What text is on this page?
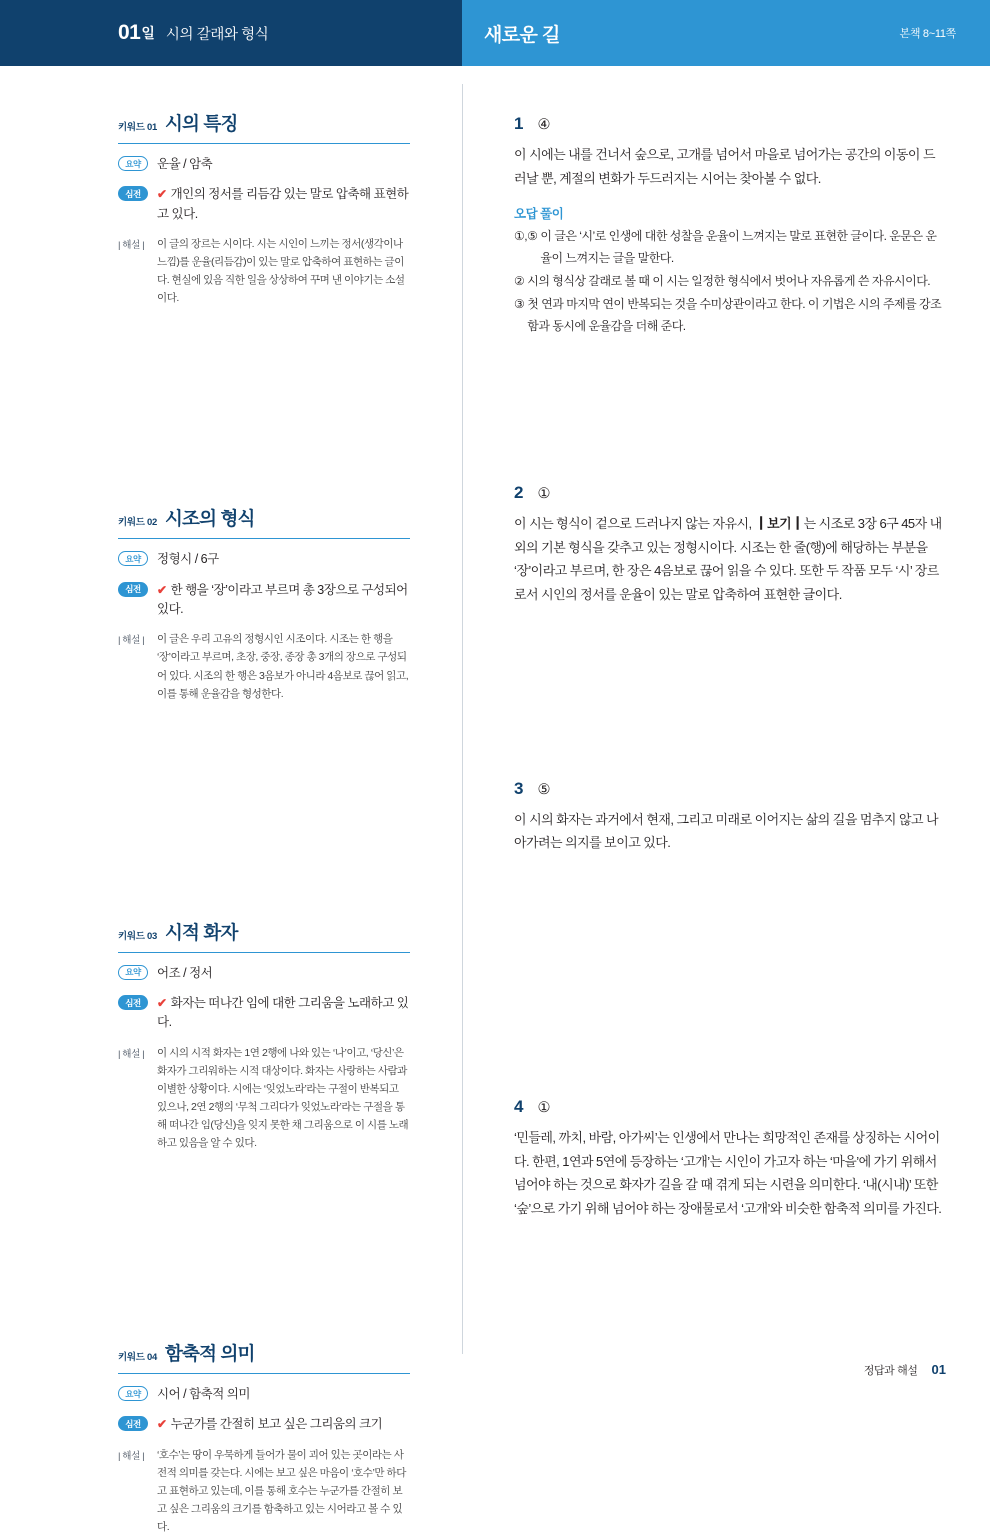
01 일 시의 갈래와 형식	새로운 길	본책 8~11쪽
키워드 01 시의 특징
요약	운율 / 암축
심전	✔ 개인의 정서를 리듬감 있는 말로 압축해 표현하고 있다.
| 해설 |	이 글의 장르는 시이다. 시는 시인이 느끼는 정서(생각이나 느낌)를 운율(리듬감)이 있는 말로 압축하여 표현하는 글이다. 현실에 있음 직한 일을 상상하여 꾸며 낸 이야기는 소설이다.
키워드 02 시조의 형식
요약	정형시 / 6구
심전	✔ 한 행을 ‘장’이라고 부르며 총 3장으로 구성되어 있다.
| 해설 |	이 글은 우리 고유의 정형시인 시조이다. 시조는 한 행을 ‘장’이라고 부르며, 초장, 중장, 종장 총 3개의 장으로 구성되어 있다. 시조의 한 행은 3음보가 아니라 4음보로 끊어 읽고, 이를 통해 운율감을 형성한다.
키워드 03 시적 화자
요약	어조 / 정서
심전	✔ 화자는 떠나간 임에 대한 그리움을 노래하고 있다.
| 해설 |	이 시의 시적 화자는 1연 2행에 나와 있는 ‘나’이고, ‘당신’은 화자가 그리워하는 시적 대상이다. 화자는 사랑하는 사람과 이별한 상황이다. 시에는 ‘잊었노라’라는 구절이 반복되고 있으나, 2연 2행의 ‘무척 그리다가 잊었노라’라는 구절을 통해 떠나간 임(당신)을 잊지 못한 채 그리움으로 이 시를 노래하고 있음을 알 수 있다.
키워드 04 함축적 의미
요약	시어 / 함축적 의미
심전	✔ 누군가를 간절히 보고 싶은 그리움의 크기
| 해설 |	‘호수’는 땅이 우묵하게 들어가 물이 괴어 있는 곳이라는 사전적 의미를 갖는다. 시에는 보고 싶은 마음이 ‘호수’만 하다고 표현하고 있는데, 이를 통해 호수는 누군가를 간절히 보고 싶은 그리움의 크기를 함축하고 있는 시어라고 볼 수 있다.
1 ④
이 시에는 내를 건너서 숲으로, 고개를 넘어서 마을로 넘어가는 공간의 이동이 드러날 뿐, 계절의 변화가 두드러지는 시어는 찾아볼 수 없다.
오답 풀이
①,⑤ 이 글은 ‘시’로 인생에 대한 성찰을 운율이 느껴지는 말로 표현한 글이다. 운문은 운율이 느껴지는 글을 말한다.
② 시의 형식상 갈래로 볼 때 이 시는 일정한 형식에서 벗어나 자유롭게 쓴 자유시이다.
③ 첫 연과 마지막 연이 반복되는 것을 수미상관이라고 한다. 이 기법은 시의 주제를 강조함과 동시에 운율감을 더해 준다.
2 ①
이 시는 형식이 겉으로 드러나지 않는 자유시, ┃보기┃는 시조로 3장 6구 45자 내외의 기본 형식을 갖추고 있는 정형시이다. 시조는 한 줄(행)에 해당하는 부분을 ‘장’이라고 부르며, 한 장은 4음보로 끊어 읽을 수 있다. 또한 두 작품 모두 ‘시’ 장르로서 시인의 정서를 운율이 있는 말로 압축하여 표현한 글이다.
3 ⑤
이 시의 화자는 과거에서 현재, 그리고 미래로 이어지는 삶의 길을 멈추지 않고 나아가려는 의지를 보이고 있다.
4 ①
‘민들레, 까치, 바람, 아가씨’는 인생에서 만나는 희망적인 존재를 상징하는 시어이다. 한편, 1연과 5연에 등장하는 ‘고개’는 시인이 가고자 하는 ‘마을’에 가기 위해서 넘어야 하는 것으로 화자가 길을 갈 때 겪게 되는 시련을 의미한다. ‘내(시내)’ 또한 ‘숲’으로 가기 위해 넘어야 하는 장애물로서 ‘고개’와 비슷한 함축적 의미를 가진다.
정답과 해설 01
